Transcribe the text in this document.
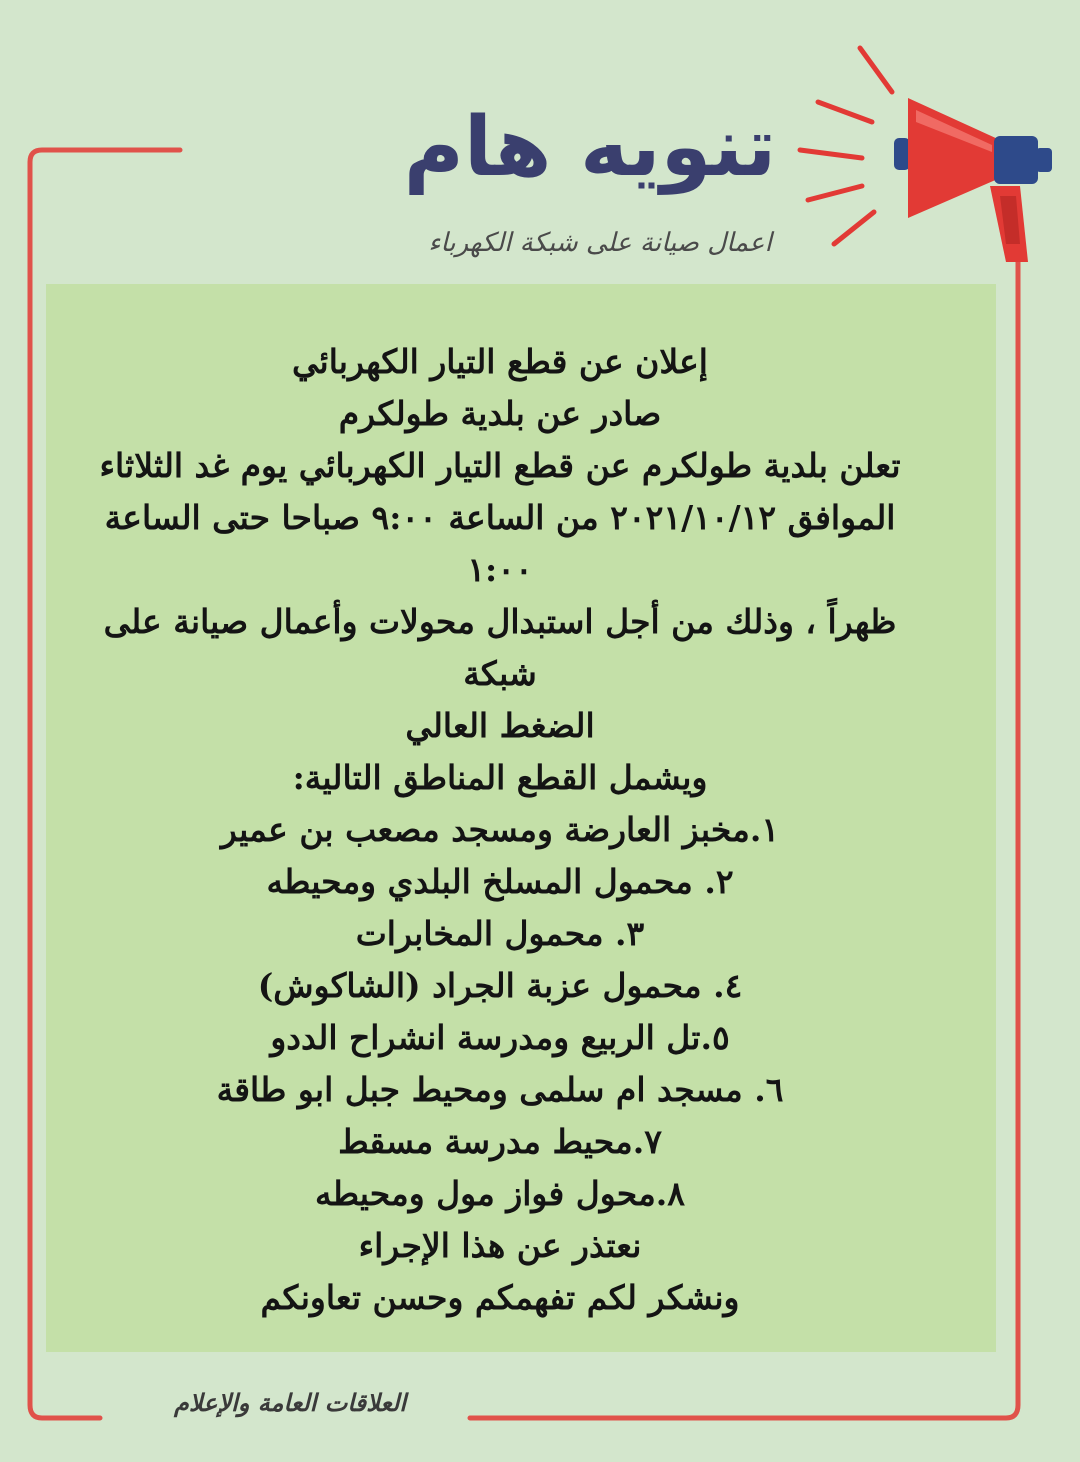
تنويه هام
اعمال صيانة على شبكة الكهرباء
إعلان عن قطع التيار الكهربائي
صادر عن بلدية طولكرم
تعلن بلدية طولكرم عن قطع التيار الكهربائي يوم غد الثلاثاء
الموافق ٢٠٢١/١٠/١٢ من الساعة ٩:٠٠ صباحا حتى الساعة ١:٠٠
ظهراً ، وذلك من أجل استبدال محولات وأعمال صيانة على شبكة
الضغط العالي
ويشمل القطع المناطق التالية:
١.مخبز العارضة ومسجد مصعب بن عمير
٢. محمول المسلخ البلدي ومحيطه
٣. محمول المخابرات
٤. محمول عزبة الجراد (الشاكوش)
٥.تل الربيع ومدرسة انشراح الددو
٦. مسجد ام سلمى ومحيط جبل ابو طاقة
٧.محيط مدرسة مسقط
٨.محول فواز مول ومحيطه
نعتذر عن هذا الإجراء
ونشكر لكم تفهمكم وحسن تعاونكم
العلاقات العامة والإعلام
